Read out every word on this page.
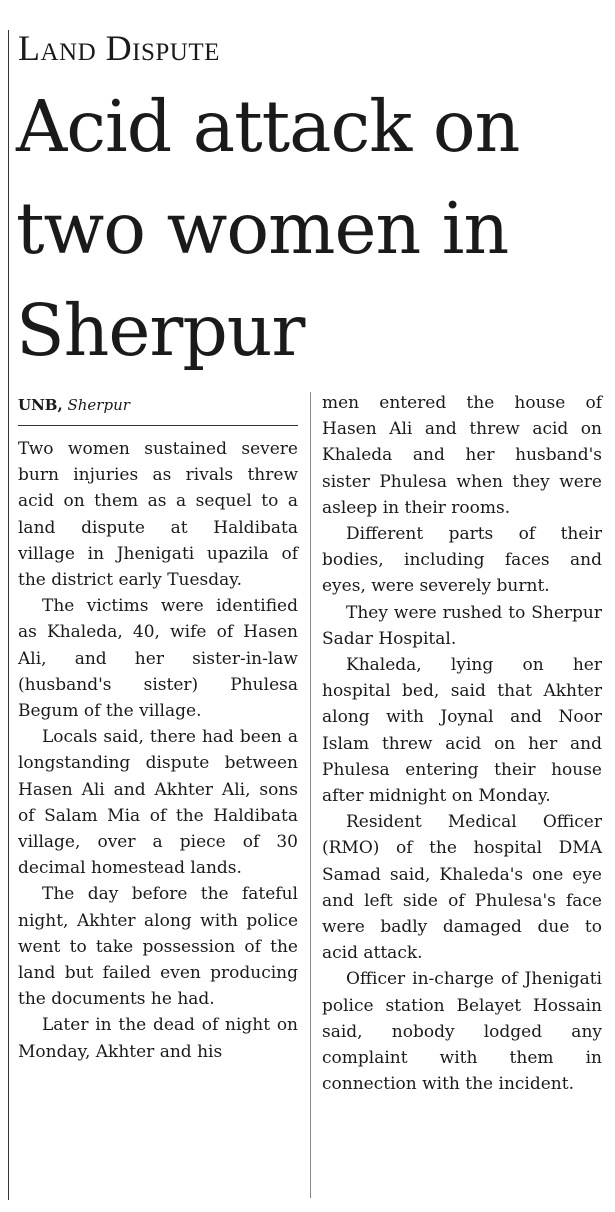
Land Dispute
Acid attack on two women in Sherpur

UNB, Sherpur

Two women sustained severe burn injuries as rivals threw acid on them as a sequel to a land dispute at Haldibata village in Jhenigati upazila of the district early Tuesday.

The victims were identified as Khaleda, 40, wife of Hasen Ali, and her sister-in-law (husband's sister) Phulesa Begum of the village.

Locals said, there had been a longstanding dispute between Hasen Ali and Akhter Ali, sons of Salam Mia of the Haldibata village, over a piece of 30 decimal homestead lands.

The day before the fateful night, Akhter along with police went to take possession of the land but failed even producing the documents he had.

Later in the dead of night on Monday, Akhter and his

men entered the house of Hasen Ali and threw acid on Khaleda and her husband's sister Phulesa when they were asleep in their rooms.

Different parts of their bodies, including faces and eyes, were severely burnt.

They were rushed to Sherpur Sadar Hospital.

Khaleda, lying on her hospital bed, said that Akhter along with Joynal and Noor Islam threw acid on her and Phulesa entering their house after midnight on Monday.

Resident Medical Officer (RMO) of the hospital DMA Samad said, Khaleda's one eye and left side of Phulesa's face were badly damaged due to acid attack.

Officer in-charge of Jhenigati police station Belayet Hossain said, nobody lodged any complaint with them in connection with the incident.
